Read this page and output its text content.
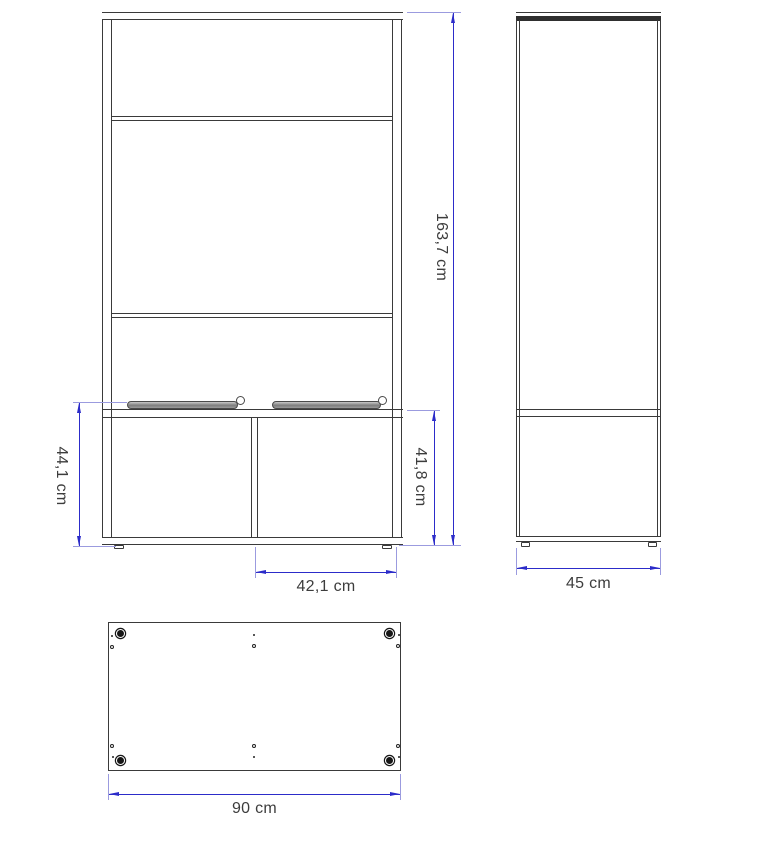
163,7 cm
41,8 cm
44,1 cm
42,1 cm	45 cm
90 cm
